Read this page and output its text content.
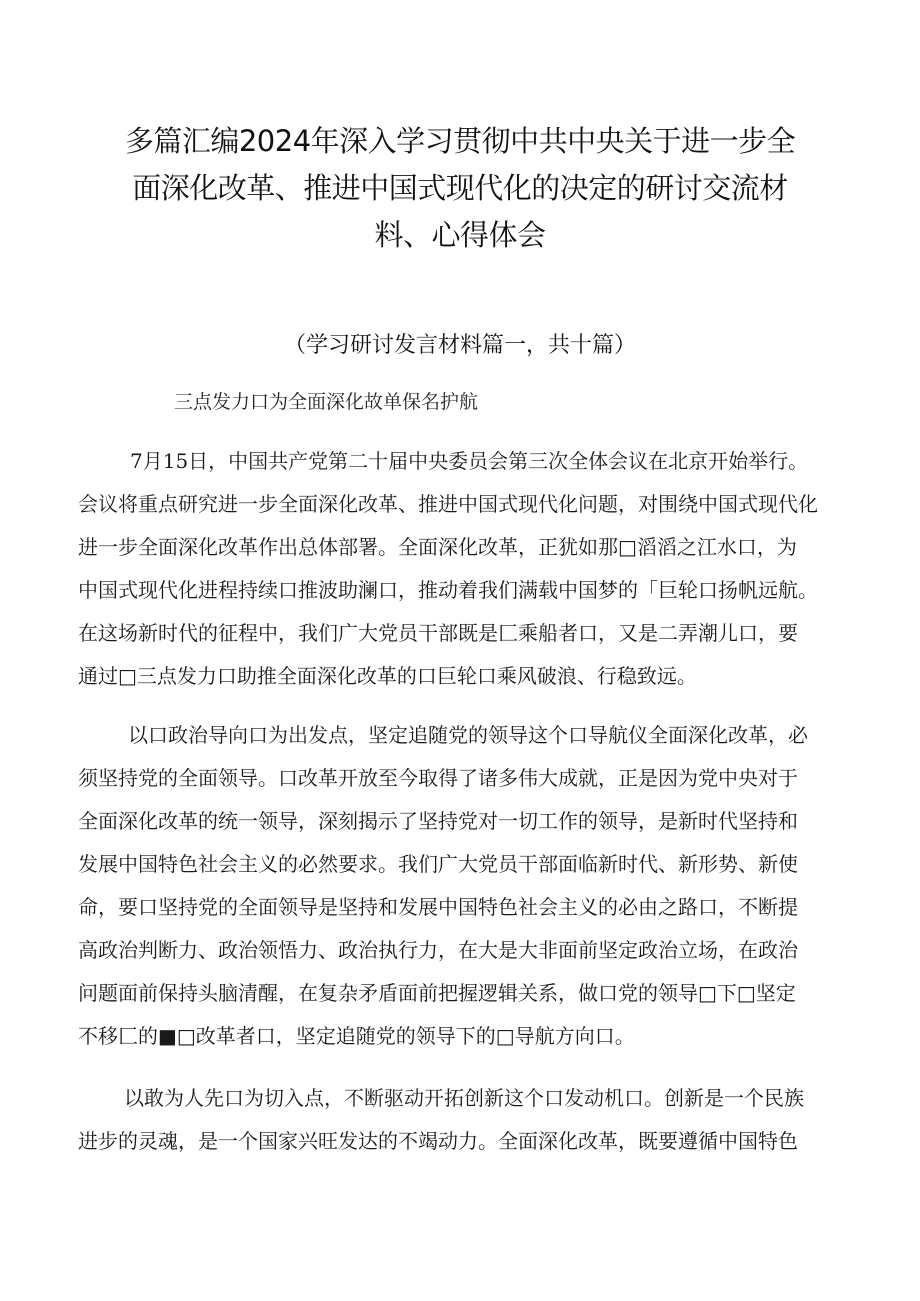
多篇汇编2024年深入学习贯彻中共中央关于进一步全
面深化改革、推进中国式现代化的决定的研讨交流材
料、心得体会
（学习研讨发言材料篇一，共十篇）
三点发力口为全面深化故单保名护航
7月15日，中国共产党第二十届中央委员会第三次全体会议在北京开始举行。
会议将重点研究进一步全面深化改革、推进中国式现代化问题，对围绕中国式现代化
进一步全面深化改革作出总体部署。全面深化改革，正犹如那□滔滔之江水口，为
中国式现代化进程持续口推波助澜口，推动着我们满载中国梦的「巨轮口扬帆远航。
在这场新时代的征程中，我们广大党员干部既是匚乘船者口，又是二弄潮儿口，要
通过□三点发力口助推全面深化改革的口巨轮口乘风破浪、行稳致远。
以口政治导向口为出发点，坚定追随党的领导这个口导航仪全面深化改革，必
须坚持党的全面领导。口改革开放至今取得了诸多伟大成就，正是因为党中央对于
全面深化改革的统一领导，深刻揭示了坚持党对一切工作的领导，是新时代坚持和
发展中国特色社会主义的必然要求。我们广大党员干部面临新时代、新形势、新使
命，要口坚持党的全面领导是坚持和发展中国特色社会主义的必由之路口，不断提
高政治判断力、政治领悟力、政治执行力，在大是大非面前坚定政治立场，在政治
问题面前保持头脑清醒，在复杂矛盾面前把握逻辑关系，做口党的领导□下□坚定
不移匚的■□改革者口，坚定追随党的领导下的□导航方向口。
以敢为人先口为切入点，不断驱动开拓创新这个口发动机口。创新是一个民族
进步的灵魂，是一个国家兴旺发达的不竭动力。全面深化改革，既要遵循中国特色
